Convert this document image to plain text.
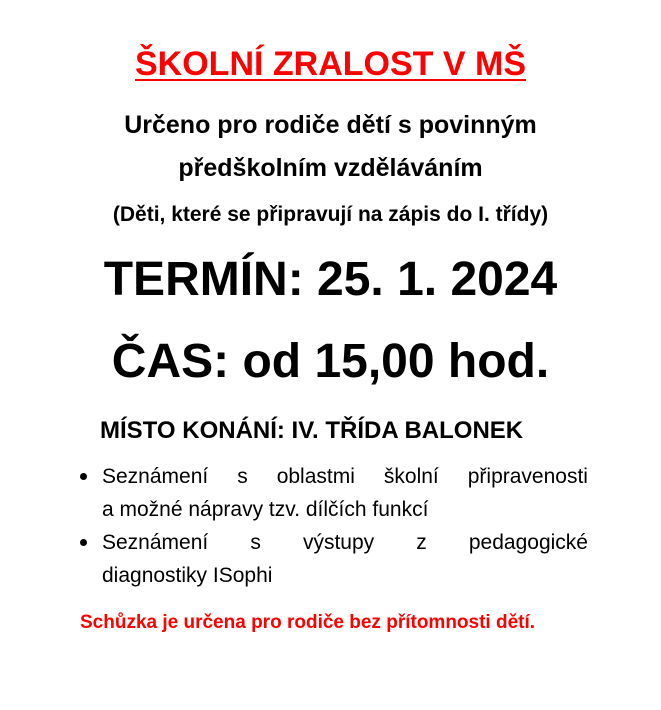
ŠKOLNÍ ZRALOST V MŠ
Určeno pro rodiče dětí s povinným
předškolním vzděláváním
(Děti, které se připravují na zápis do I. třídy)
TERMÍN: 25. 1. 2024
ČAS: od 15,00 hod.
MÍSTO KONÁNÍ: IV. TŘÍDA BALONEK
Seznámení s oblastmi školní připravenosti
a možné nápravy tzv. dílčích funkcí
Seznámení s výstupy z pedagogické
diagnostiky ISophi
Schůzka je určena pro rodiče bez přítomnosti dětí.
